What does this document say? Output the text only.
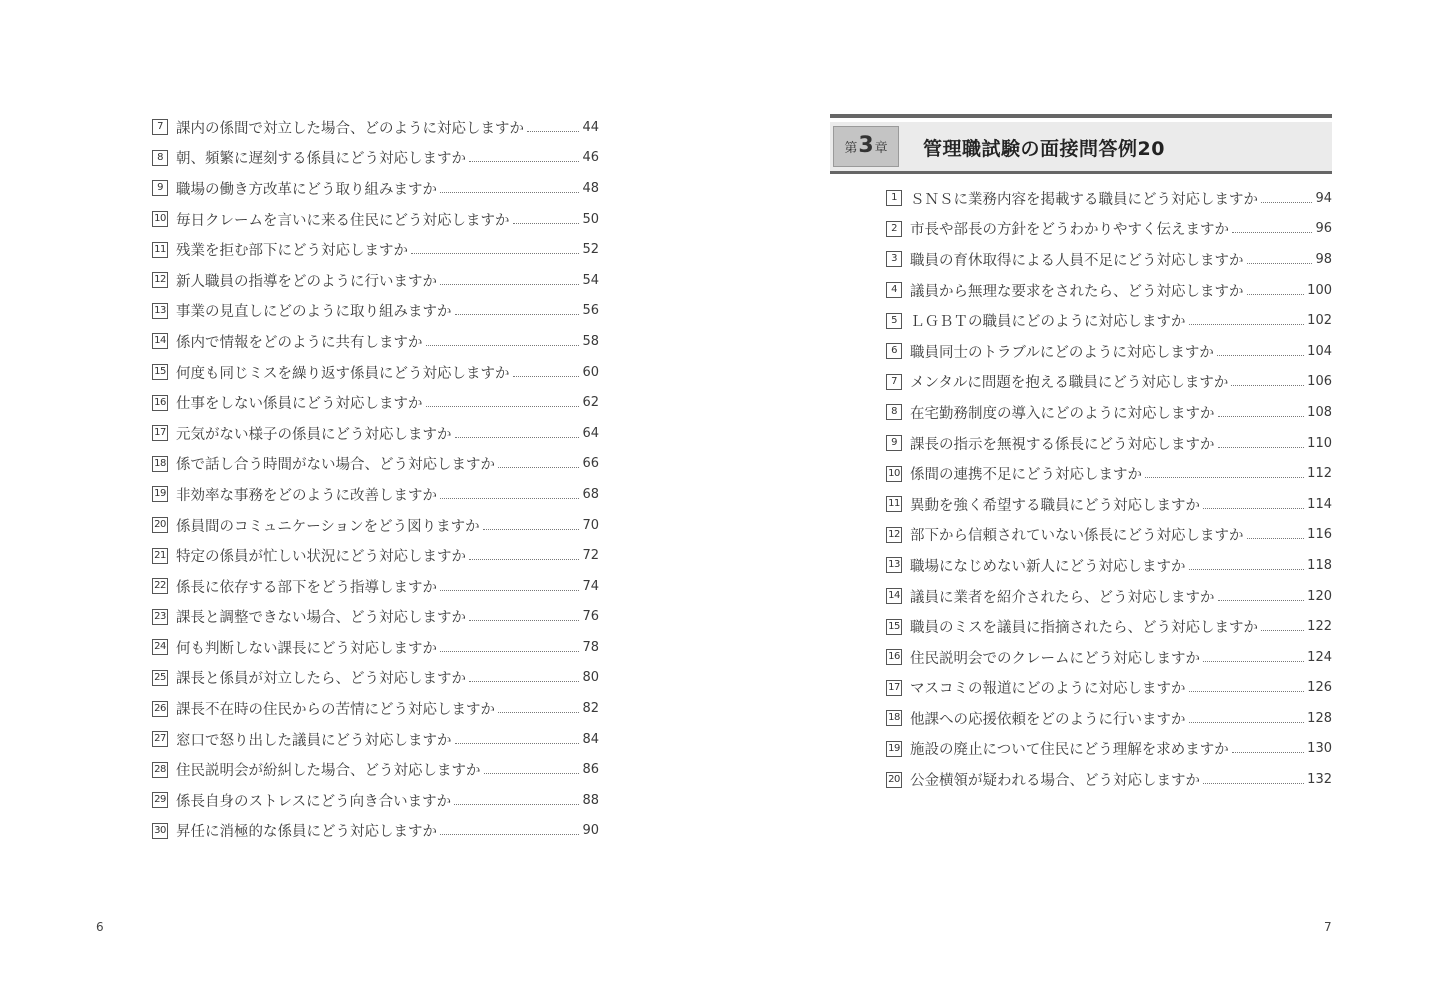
7 課内の係間で対立した場合、どのように対応しますか	44
8 朝、頻繁に遅刻する係員にどう対応しますか	46
9 職場の働き方改革にどう取り組みますか	48
10 毎日クレームを言いに来る住民にどう対応しますか	50
11 残業を拒む部下にどう対応しますか	52
12 新人職員の指導をどのように行いますか	54
13 事業の見直しにどのように取り組みますか	56
14 係内で情報をどのように共有しますか	58
15 何度も同じミスを繰り返す係員にどう対応しますか	60
16 仕事をしない係員にどう対応しますか	62
17 元気がない様子の係員にどう対応しますか	64
18 係で話し合う時間がない場合、どう対応しますか	66
19 非効率な事務をどのように改善しますか	68
20 係員間のコミュニケーションをどう図りますか	70
21 特定の係員が忙しい状況にどう対応しますか	72
22 係長に依存する部下をどう指導しますか	74
23 課長と調整できない場合、どう対応しますか	76
24 何も判断しない課長にどう対応しますか	78
25 課長と係員が対立したら、どう対応しますか	80
26 課長不在時の住民からの苦情にどう対応しますか	82
27 窓口で怒り出した議員にどう対応しますか	84
28 住民説明会が紛糾した場合、どう対応しますか	86
29 係長自身のストレスにどう向き合いますか	88
30 昇任に消極的な係員にどう対応しますか	90
6
第 3 章 管理職試験の面接問答例20
1 ＳＮＳに業務内容を掲載する職員にどう対応しますか	94
2 市長や部長の方針をどうわかりやすく伝えますか	96
3 職員の育休取得による人員不足にどう対応しますか	98
4 議員から無理な要求をされたら、どう対応しますか	100
5 ＬＧＢＴの職員にどのように対応しますか	102
6 職員同士のトラブルにどのように対応しますか	104
7 メンタルに問題を抱える職員にどう対応しますか	106
8 在宅勤務制度の導入にどのように対応しますか	108
9 課長の指示を無視する係長にどう対応しますか	110
10 係間の連携不足にどう対応しますか	112
11 異動を強く希望する職員にどう対応しますか	114
12 部下から信頼されていない係長にどう対応しますか	116
13 職場になじめない新人にどう対応しますか	118
14 議員に業者を紹介されたら、どう対応しますか	120
15 職員のミスを議員に指摘されたら、どう対応しますか	122
16 住民説明会でのクレームにどう対応しますか	124
17 マスコミの報道にどのように対応しますか	126
18 他課への応援依頼をどのように行いますか	128
19 施設の廃止について住民にどう理解を求めますか	130
20 公金横領が疑われる場合、どう対応しますか	132
7
